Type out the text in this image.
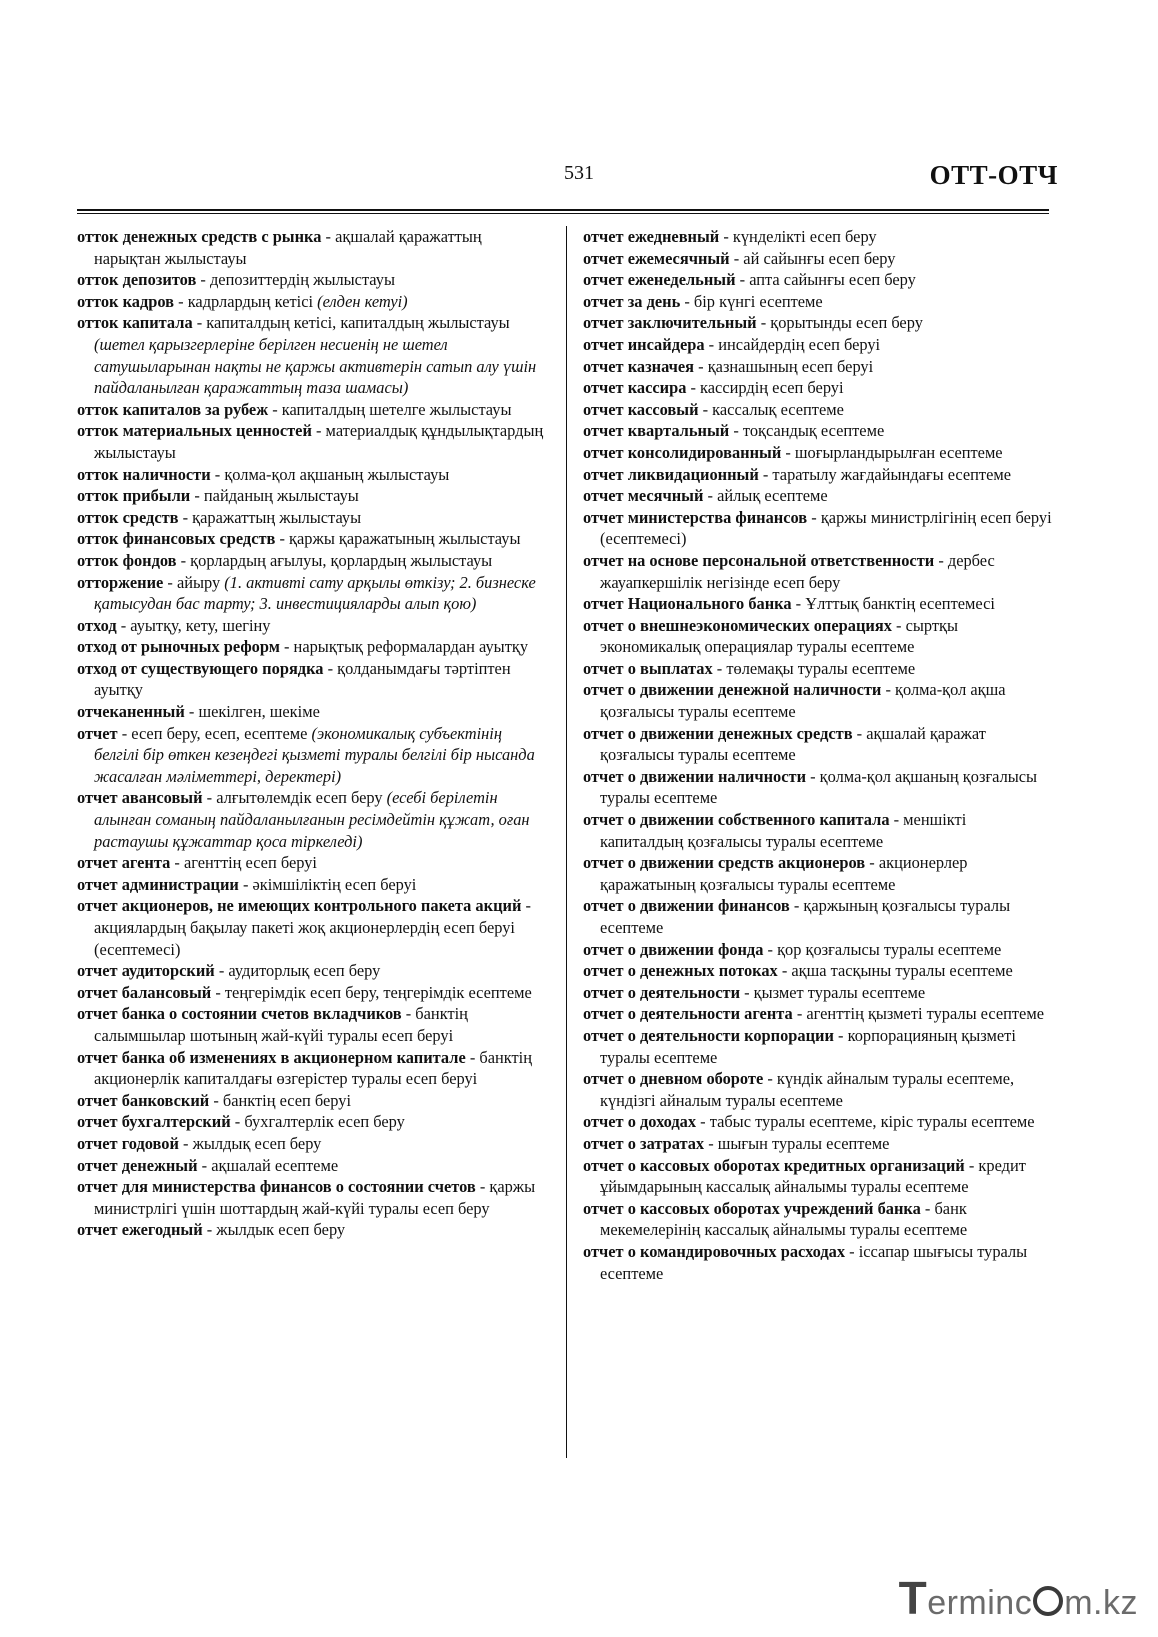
531	ОТТ-ОТЧ

отток денежных средств с рынка - ақшалай қаражаттың нарықтан жылыстауы

отток депозитов - депозиттердің жылыстауы

отток кадров - кадрлардың кетісі (елден кетуі)

отток капитала - капиталдың кетісі, капиталдың жылыстауы (шетел қарызгерлеріне берілген несиенің не шетел сатушыларынан нақты не қаржы активтерін сатып алу үшін пайдаланылған қаражаттың таза шамасы)

отток капиталов за рубеж - капиталдың шетелге жылыстауы

отток материальных ценностей - материалдық құндылықтардың жылыстауы

отток наличности - қолма-қол ақшаның жылыстауы

отток прибыли - пайданың жылыстауы

отток средств - қаражаттың жылыстауы

отток финансовых средств - қаржы қаражатының жылыстауы

отток фондов - қорлардың ағылуы, қорлардың жылыстауы

отторжение - айыру (1. активті сату арқылы өткізу; 2. бизнеске қатысудан бас тарту; 3. инвестицияларды алып қою)

отход - ауытқу, кету, шегіну

отход от рыночных реформ - нарықтық реформалардан ауытқу

отход от существующего порядка - қолданымдағы тәртіптен ауытқу

отчеканенный - шекілген, шекіме

отчет - есеп беру, есеп, есептеме (экономикалық субъектінің белгілі бір өткен кезеңдегі қызметі туралы белгілі бір нысанда жасалған мәліметтері, деректері)

отчет авансовый - алғытөлемдік есеп беру (есебі берілетін алынған соманың пайдаланылғанын ресімдейтін құжат, оған растаушы құжаттар қоса тіркеледі)

отчет агента - агенттің есеп беруі

отчет администрации - әкімшіліктің есеп беруі

отчет акционеров, не имеющих контрольного пакета акций - акциялардың бақылау пакеті жоқ акционерлердің есеп беруі (есептемесі)

отчет аудиторский - аудиторлық есеп беру

отчет балансовый - теңгерімдік есеп беру, теңгерімдік есептеме

отчет банка о состоянии счетов вкладчиков - банктің салымшылар шотының жай-күйі туралы есеп беруі

отчет банка об изменениях в акционерном капитале - банктің акционерлік капиталдағы өзгерістер туралы есеп беруі

отчет банковский - банктің есеп беруі

отчет бухгалтерский - бухгалтерлік есеп беру

отчет годовой - жылдық есеп беру

отчет денежный - ақшалай есептеме

отчет для министерства финансов о состоянии счетов - қаржы министрлігі үшін шоттардың жай-күйі туралы есеп беру

отчет ежегодный - жылдык есеп беру

отчет ежедневный - күнделікті есеп беру

отчет ежемесячный - ай сайынғы есеп беру

отчет еженедельный - апта сайынғы есеп беру

отчет за день - бір күнгі есептеме

отчет заключительный - қорытынды есеп беру

отчет инсайдера - инсайдердің есеп беруі

отчет казначея - қазнашының есеп беруі

отчет кассира - кассирдің есеп беруі

отчет кассовый - кассалық есептеме

отчет квартальный - тоқсандық есептеме

отчет консолидированный - шоғырландырылған есептеме

отчет ликвидационный - таратылу жағдайындағы есептеме

отчет месячный - айлық есептеме

отчет министерства финансов - қаржы министрлігінің есеп беруі (есептемесі)

отчет на основе персональной ответственности - дербес жауапкершілік негізінде есеп беру

отчет Национального банка - Ұлттық банктің есептемесі

отчет о внешнеэкономических операциях - сыртқы экономикалық операциялар туралы есептеме

отчет о выплатах - төлемақы туралы есептеме

отчет о движении денежной наличности - қолма-қол ақша қозғалысы туралы есептеме

отчет о движении денежных средств - ақшалай қаражат қозғалысы туралы есептеме

отчет о движении наличности - қолма-қол ақшаның қозғалысы туралы есептеме

отчет о движении собственного капитала - меншікті капиталдың қозғалысы туралы есептеме

отчет о движении средств акционеров - акционерлер қаражатының қозғалысы туралы есептеме

отчет о движении финансов - қаржының қозғалысы туралы есептеме

отчет о движении фонда - қор қозғалысы туралы есептеме

отчет о денежных потоках - ақша тасқыны туралы есептеме

отчет о деятельности - қызмет туралы есептеме

отчет о деятельности агента - агенттің қызметі туралы есептеме

отчет о деятельности корпорации - корпорацияның қызметі туралы есептеме

отчет о дневном обороте - күндік айналым туралы есептеме, күндізгі айналым туралы есептеме

отчет о доходах - табыс туралы есептеме, кіріс туралы есептеме

отчет о затратах - шығын туралы есептеме

отчет о кассовых оборотах кредитных организаций - кредит ұйымдарының кассалық айналымы туралы есептеме

отчет о кассовых оборотах учреждений банка - банк мекемелерінің кассалық айналымы туралы есептеме

отчет о командировочных расходах - іссапар шығысы туралы есептеме

Terminc m.kz
